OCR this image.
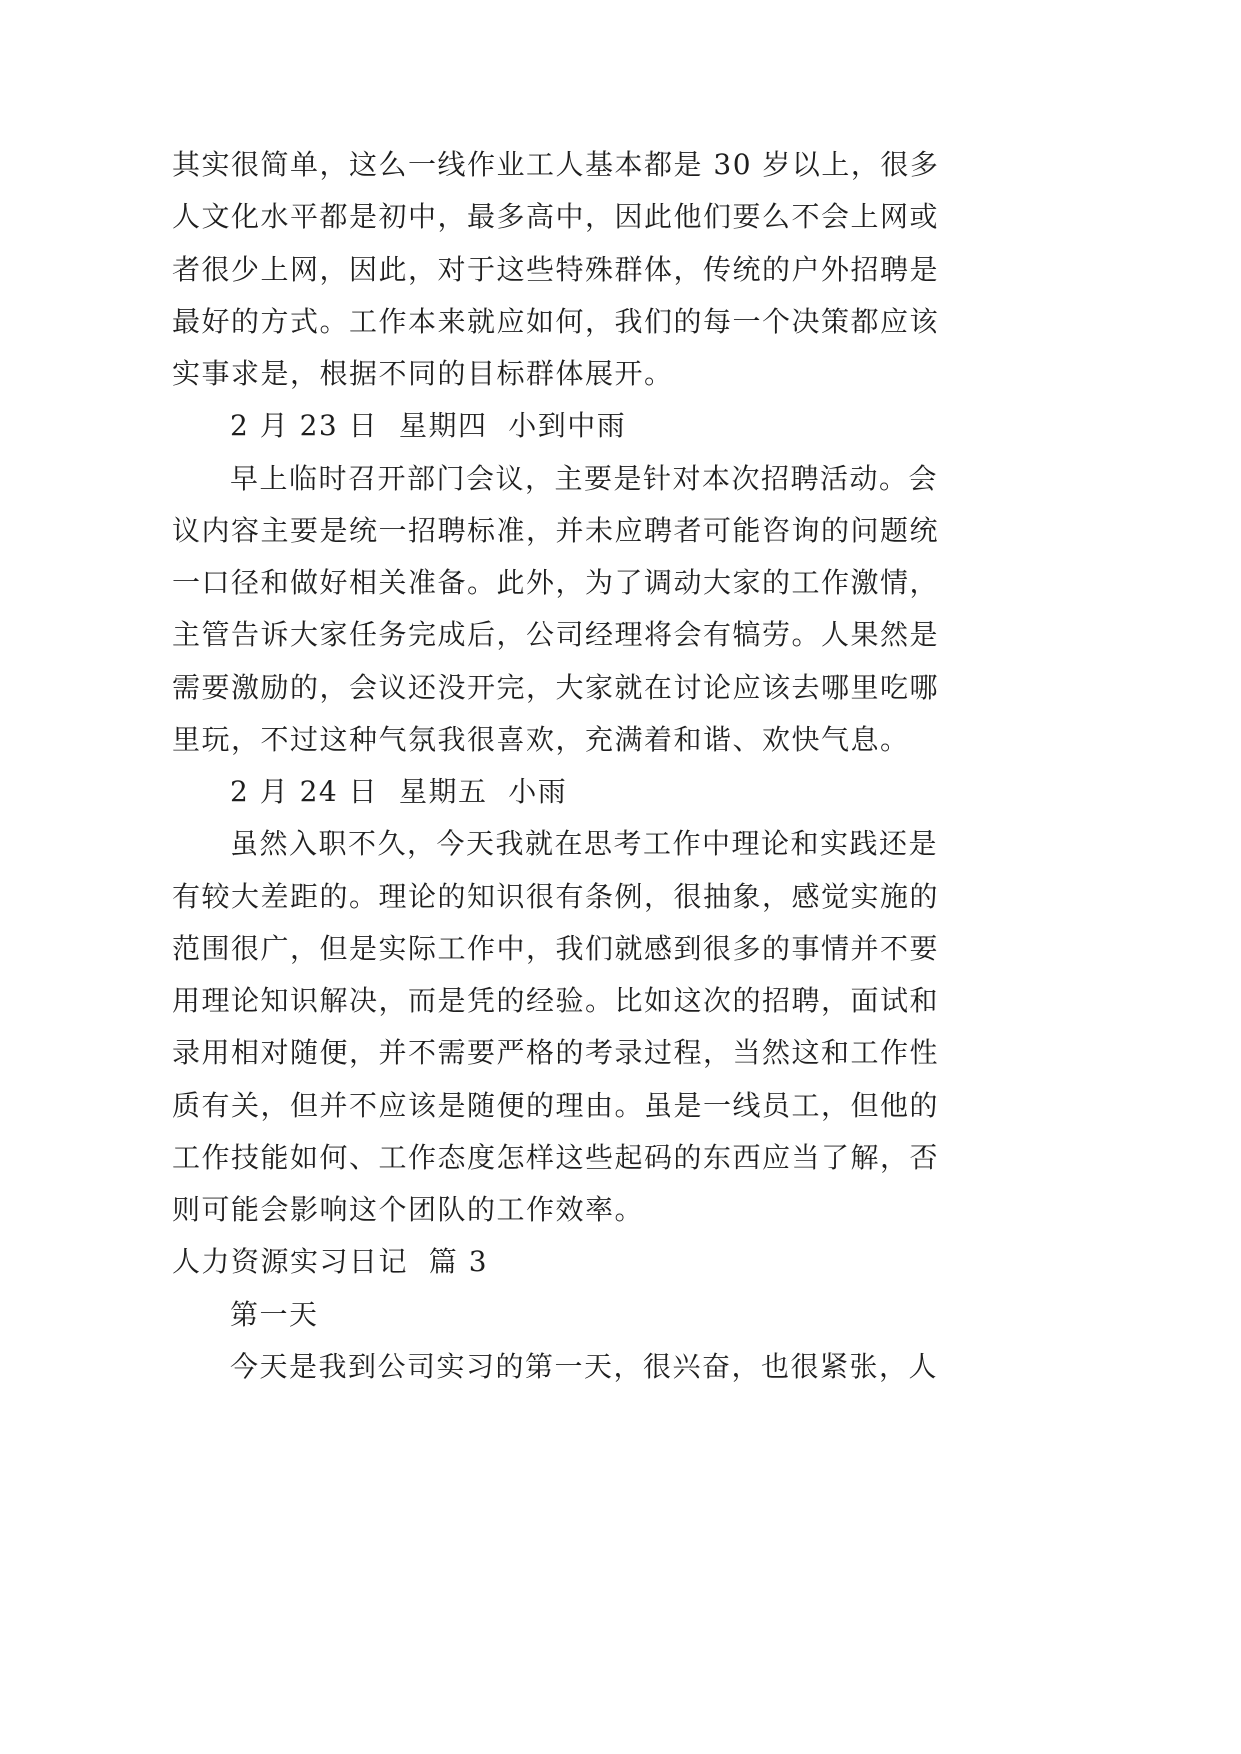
其实很简单，这么一线作业工人基本都是 30 岁以上，很多
人文化水平都是初中，最多高中，因此他们要么不会上网或
者很少上网，因此，对于这些特殊群体，传统的户外招聘是
最好的方式。工作本来就应如何，我们的每一个决策都应该
实事求是，根据不同的目标群体展开。
2 月 23 日  星期四  小到中雨
早上临时召开部门会议，主要是针对本次招聘活动。会
议内容主要是统一招聘标准，并未应聘者可能咨询的问题统
一口径和做好相关准备。此外，为了调动大家的工作激情，
主管告诉大家任务完成后，公司经理将会有犒劳。人果然是
需要激励的，会议还没开完，大家就在讨论应该去哪里吃哪
里玩，不过这种气氛我很喜欢，充满着和谐、欢快气息。
2 月 24 日  星期五  小雨
虽然入职不久，今天我就在思考工作中理论和实践还是
有较大差距的。理论的知识很有条例，很抽象，感觉实施的
范围很广，但是实际工作中，我们就感到很多的事情并不要
用理论知识解决，而是凭的经验。比如这次的招聘，面试和
录用相对随便，并不需要严格的考录过程，当然这和工作性
质有关，但并不应该是随便的理由。虽是一线员工，但他的
工作技能如何、工作态度怎样这些起码的东西应当了解，否
则可能会影响这个团队的工作效率。
人力资源实习日记  篇 3
第一天
今天是我到公司实习的第一天，很兴奋，也很紧张，人
